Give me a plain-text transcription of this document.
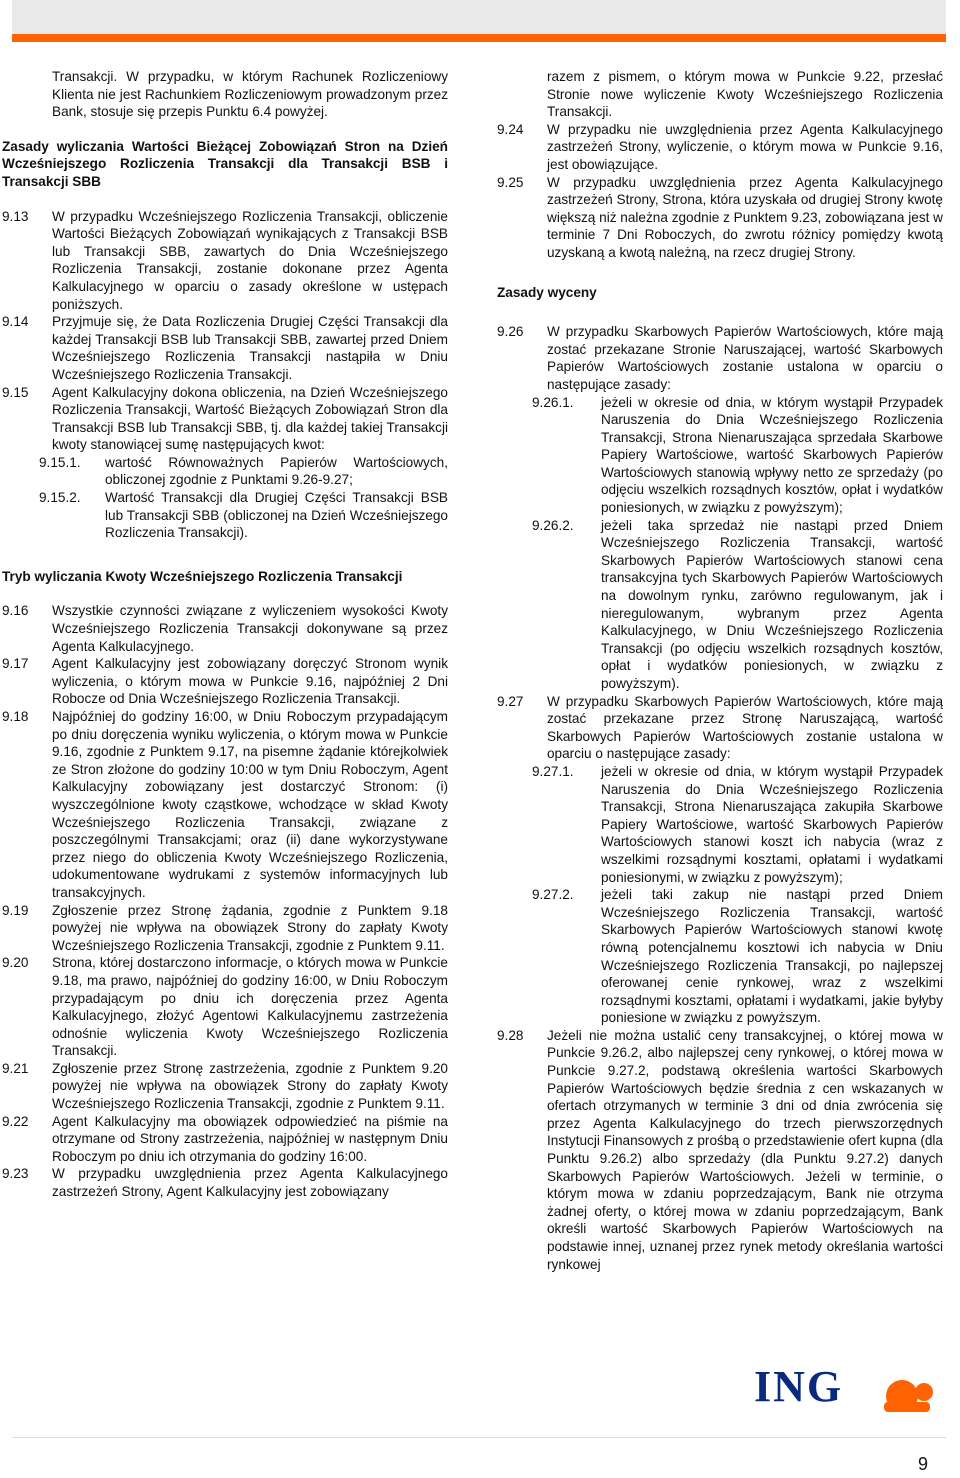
Transakcji. W przypadku, w którym Rachunek Rozliczeniowy Klienta nie jest Rachunkiem Rozliczeniowym prowadzonym przez Bank, stosuje się przepis Punktu 6.4 powyżej.

Zasady wyliczania Wartości Bieżącej Zobowiązań Stron na Dzień Wcześniejszego Rozliczenia Transakcji dla Transakcji BSB i Transakcji SBB

9.13	W przypadku Wcześniejszego Rozliczenia Transakcji, obliczenie Wartości Bieżących Zobowiązań wynikających z Transakcji BSB lub Transakcji SBB, zawartych do Dnia Wcześniejszego Rozliczenia Transakcji, zostanie dokonane przez Agenta Kalkulacyjnego w oparciu o zasady określone w ustępach poniższych.
9.14	Przyjmuje się, że Data Rozliczenia Drugiej Części Transakcji dla każdej Transakcji BSB lub Transakcji SBB, zawartej przed Dniem Wcześniejszego Rozliczenia Transakcji nastąpiła w Dniu Wcześniejszego Rozliczenia Transakcji.
9.15	Agent Kalkulacyjny dokona obliczenia, na Dzień Wcześniejszego Rozliczenia Transakcji, Wartość Bieżących Zobowiązań Stron dla Transakcji BSB lub Transakcji SBB, tj. dla każdej takiej Transakcji kwoty stanowiącej sumę następujących kwot:
9.15.1.	wartość Równoważnych Papierów Wartościowych, obliczonej zgodnie z Punktami 9.26-9.27;
9.15.2.	Wartość Transakcji dla Drugiej Części Transakcji BSB lub Transakcji SBB (obliczonej na Dzień Wcześniejszego Rozliczenia Transakcji).

Tryb wyliczania Kwoty Wcześniejszego Rozliczenia Transakcji

9.16	Wszystkie czynności związane z wyliczeniem wysokości Kwoty Wcześniejszego Rozliczenia Transakcji dokonywane są przez Agenta Kalkulacyjnego.
9.17	Agent Kalkulacyjny jest zobowiązany doręczyć Stronom wynik wyliczenia, o którym mowa w Punkcie 9.16, najpóźniej 2 Dni Robocze od Dnia Wcześniejszego Rozliczenia Transakcji.
9.18	Najpóźniej do godziny 16:00, w Dniu Roboczym przypadającym po dniu doręczenia wyniku wyliczenia, o którym mowa w Punkcie 9.16, zgodnie z Punktem 9.17, na pisemne żądanie którejkolwiek ze Stron złożone do godziny 10:00 w tym Dniu Roboczym, Agent Kalkulacyjny zobowiązany jest dostarczyć Stronom: (i) wyszczególnione kwoty cząstkowe, wchodzące w skład Kwoty Wcześniejszego Rozliczenia Transakcji, związane z poszczególnymi Transakcjami; oraz (ii) dane wykorzystywane przez niego do obliczenia Kwoty Wcześniejszego Rozliczenia, udokumentowane wydrukami z systemów informacyjnych lub transakcyjnych.
9.19	Zgłoszenie przez Stronę żądania, zgodnie z Punktem 9.18 powyżej nie wpływa na obowiązek Strony do zapłaty Kwoty Wcześniejszego Rozliczenia Transakcji, zgodnie z Punktem 9.11.
9.20	Strona, której dostarczono informacje, o których mowa w Punkcie 9.18, ma prawo, najpóźniej do godziny 16:00, w Dniu Roboczym przypadającym po dniu ich doręczenia przez Agenta Kalkulacyjnego, złożyć Agentowi Kalkulacyjnemu zastrzeżenia odnośnie wyliczenia Kwoty Wcześniejszego Rozliczenia Transakcji.
9.21	Zgłoszenie przez Stronę zastrzeżenia, zgodnie z Punktem 9.20 powyżej nie wpływa na obowiązek Strony do zapłaty Kwoty Wcześniejszego Rozliczenia Transakcji, zgodnie z Punktem 9.11.
9.22	Agent Kalkulacyjny ma obowiązek odpowiedzieć na piśmie na otrzymane od Strony zastrzeżenia, najpóźniej w następnym Dniu Roboczym po dniu ich otrzymania do godziny 16:00.
9.23	W przypadku uwzględnienia przez Agenta Kalkulacyjnego zastrzeżeń Strony, Agent Kalkulacyjny jest zobowiązany

razem z pismem, o którym mowa w Punkcie 9.22, przesłać Stronie nowe wyliczenie Kwoty Wcześniejszego Rozliczenia Transakcji.

9.24	W przypadku nie uwzględnienia przez Agenta Kalkulacyjnego zastrzeżeń Strony, wyliczenie, o którym mowa w Punkcie 9.16, jest obowiązujące.
9.25	W przypadku uwzględnienia przez Agenta Kalkulacyjnego zastrzeżeń Strony, Strona, która uzyskała od drugiej Strony kwotę większą niż należna zgodnie z Punktem 9.23, zobowiązana jest w terminie 7 Dni Roboczych, do zwrotu różnicy pomiędzy kwotą uzyskaną a kwotą należną, na rzecz drugiej Strony.

Zasady wyceny

9.26	W przypadku Skarbowych Papierów Wartościowych, które mają zostać przekazane Stronie Naruszającej, wartość Skarbowych Papierów Wartościowych zostanie ustalona w oparciu o następujące zasady:
9.26.1.	jeżeli w okresie od dnia, w którym wystąpił Przypadek Naruszenia do Dnia Wcześniejszego Rozliczenia Transakcji, Strona Nienaruszająca sprzedała Skarbowe Papiery Wartościowe, wartość Skarbowych Papierów Wartościowych stanowią wpływy netto ze sprzedaży (po odjęciu wszelkich rozsądnych kosztów, opłat i wydatków poniesionych, w związku z powyższym);
9.26.2.	jeżeli taka sprzedaż nie nastąpi przed Dniem Wcześniejszego Rozliczenia Transakcji, wartość Skarbowych Papierów Wartościowych stanowi cena transakcyjna tych Skarbowych Papierów Wartościowych na dowolnym rynku, zarówno regulowanym, jak i nieregulowanym, wybranym przez Agenta Kalkulacyjnego, w Dniu Wcześniejszego Rozliczenia Transakcji (po odjęciu wszelkich rozsądnych kosztów, opłat i wydatków poniesionych, w związku z powyższym).
9.27	W przypadku Skarbowych Papierów Wartościowych, które mają zostać przekazane przez Stronę Naruszającą, wartość Skarbowych Papierów Wartościowych zostanie ustalona w oparciu o następujące zasady:
9.27.1.	jeżeli w okresie od dnia, w którym wystąpił Przypadek Naruszenia do Dnia Wcześniejszego Rozliczenia Transakcji, Strona Nienaruszająca zakupiła Skarbowe Papiery Wartościowe, wartość Skarbowych Papierów Wartościowych stanowi koszt ich nabycia (wraz z wszelkimi rozsądnymi kosztami, opłatami i wydatkami poniesionymi, w związku z powyższym);
9.27.2.	jeżeli taki zakup nie nastąpi przed Dniem Wcześniejszego Rozliczenia Transakcji, wartość Skarbowych Papierów Wartościowych stanowi kwotę równą potencjalnemu kosztowi ich nabycia w Dniu Wcześniejszego Rozliczenia Transakcji, po najlepszej oferowanej cenie rynkowej, wraz z wszelkimi rozsądnymi kosztami, opłatami i wydatkami, jakie byłyby poniesione w związku z powyższym.
9.28	Jeżeli nie można ustalić ceny transakcyjnej, o której mowa w Punkcie 9.26.2, albo najlepszej ceny rynkowej, o której mowa w Punkcie 9.27.2, podstawą określenia wartości Skarbowych Papierów Wartościowych będzie średnia z cen wskazanych w ofertach otrzymanych w terminie 3 dni od dnia zwrócenia się przez Agenta Kalkulacyjnego do trzech pierwszorzędnych Instytucji Finansowych z prośbą o przedstawienie ofert kupna (dla Punktu 9.26.2) albo sprzedaży (dla Punktu 9.27.2) danych Skarbowych Papierów Wartościowych. Jeżeli w terminie, o którym mowa w zdaniu poprzedzającym, Bank nie otrzyma żadnej oferty, o której mowa w zdaniu poprzedzającym, Bank określi wartość Skarbowych Papierów Wartościowych na podstawie innej, uznanej przez rynek metody określania wartości rynkowej
ING
9
